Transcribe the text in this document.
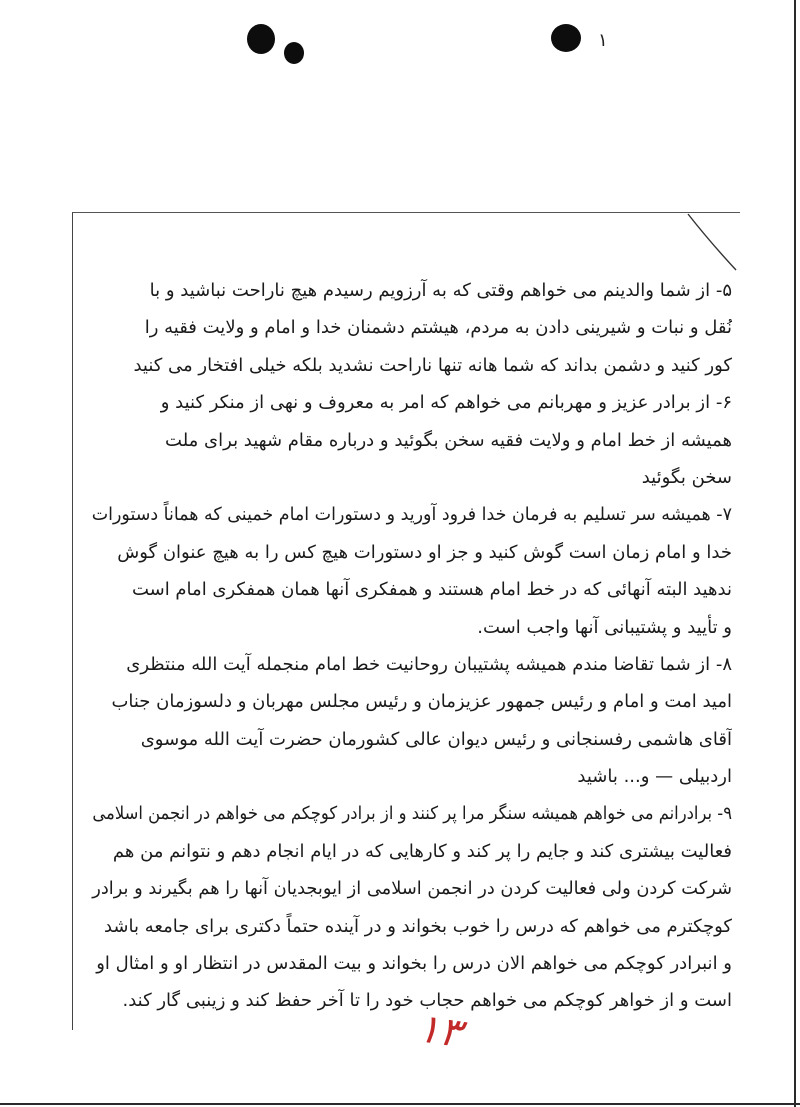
۱
۵- از شما والدینم می خواهم وقتی که به آرزویم رسیدم هیچ ناراحت نباشید و با
نُقل و نبات و شیرینی دادن به مردم، هیشتم دشمنان خدا و امام و ولایت فقیه را
کور کنید و دشمن بداند که شما هانه تنها ناراحت نشدید بلکه خیلی افتخار می کنید
۶- از برادر عزیز و مهربانم می خواهم که امر به معروف و نهی از منکر کنید و
همیشه از خط امام و ولایت فقیه سخن بگوئید و درباره مقام شهید برای ملت
سخن بگوئید
۷- همیشه سر تسلیم به فرمان خدا فرود آورید و دستورات امام خمینی که هماناً دستورات
خدا و امام زمان است گوش کنید و جز او دستورات هیچ کس را به هیچ عنوان گوش
ندهید البته آنهائی که در خط امام هستند و همفکری آنها همان همفکری امام است
و تأیید و پشتیبانی آنها واجب است.
۸- از شما تقاضا مندم همیشه پشتیبان روحانیت خط امام منجمله آیت الله منتظری
امید امت و امام و رئیس جمهور عزیزمان و رئیس مجلس مهربان و دلسوزمان جناب
آقای هاشمی رفسنجانی و رئیس دیوان عالی کشورمان حضرت آیت الله موسوی
اردبیلی — و... باشید
۹- برادرانم می خواهم همیشه سنگر مرا پر کنند و از برادر کوچکم می خواهم در انجمن اسلامی
فعالیت بیشتری کند و جایم را پر کند و کارهایی که در ایام انجام دهم و نتوانم من هم
شرکت کردن ولی فعالیت کردن در انجمن اسلامی از ایوبجدیان آنها را هم بگیرند و برادر
کوچکترم می خواهم که درس را خوب بخواند و در آینده حتماً دکتری برای جامعه باشد
و انبرادر کوچکم می خواهم الان درس را بخواند و بیت المقدس در انتظار او و امثال او
است و از خواهر کوچکم می خواهم حجاب خود را تا آخر حفظ کند و زینبی گار کند.
۱۳
